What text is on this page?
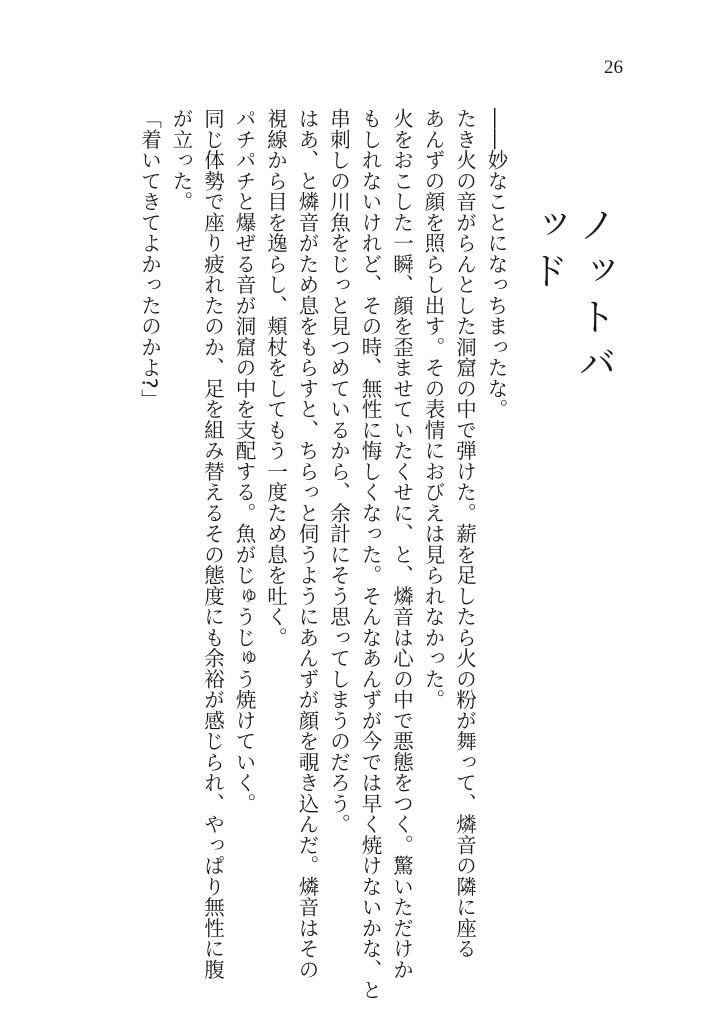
26
ノットバッド
――妙なことになっちまったな。
たき火の音がらんとした洞窟の中で弾けた。薪を足したら火の粉が舞って、燐音の隣に座る
あんずの顔を照らし出す。その表情におびえは見られなかった。
火をおこした一瞬、顔を歪ませていたくせに、と、燐音は心の中で悪態をつく。驚いただけか
もしれないけれど、その時、無性に悔しくなった。そんなあんずが今では早く焼けないかな、と
串刺しの川魚をじっと見つめているから、余計にそう思ってしまうのだろう。
はあ、と燐音がため息をもらすと、ちらっと伺うようにあんずが顔を覗き込んだ。燐音はその
視線から目を逸らし、頬杖をしてもう一度ため息を吐く。
パチパチと爆ぜる音が洞窟の中を支配する。魚がじゅうじゅう焼けていく。
同じ体勢で座り疲れたのか、足を組み替えるその態度にも余裕が感じられ、やっぱり無性に腹
が立った。
「着いてきてよかったのかよ?」
